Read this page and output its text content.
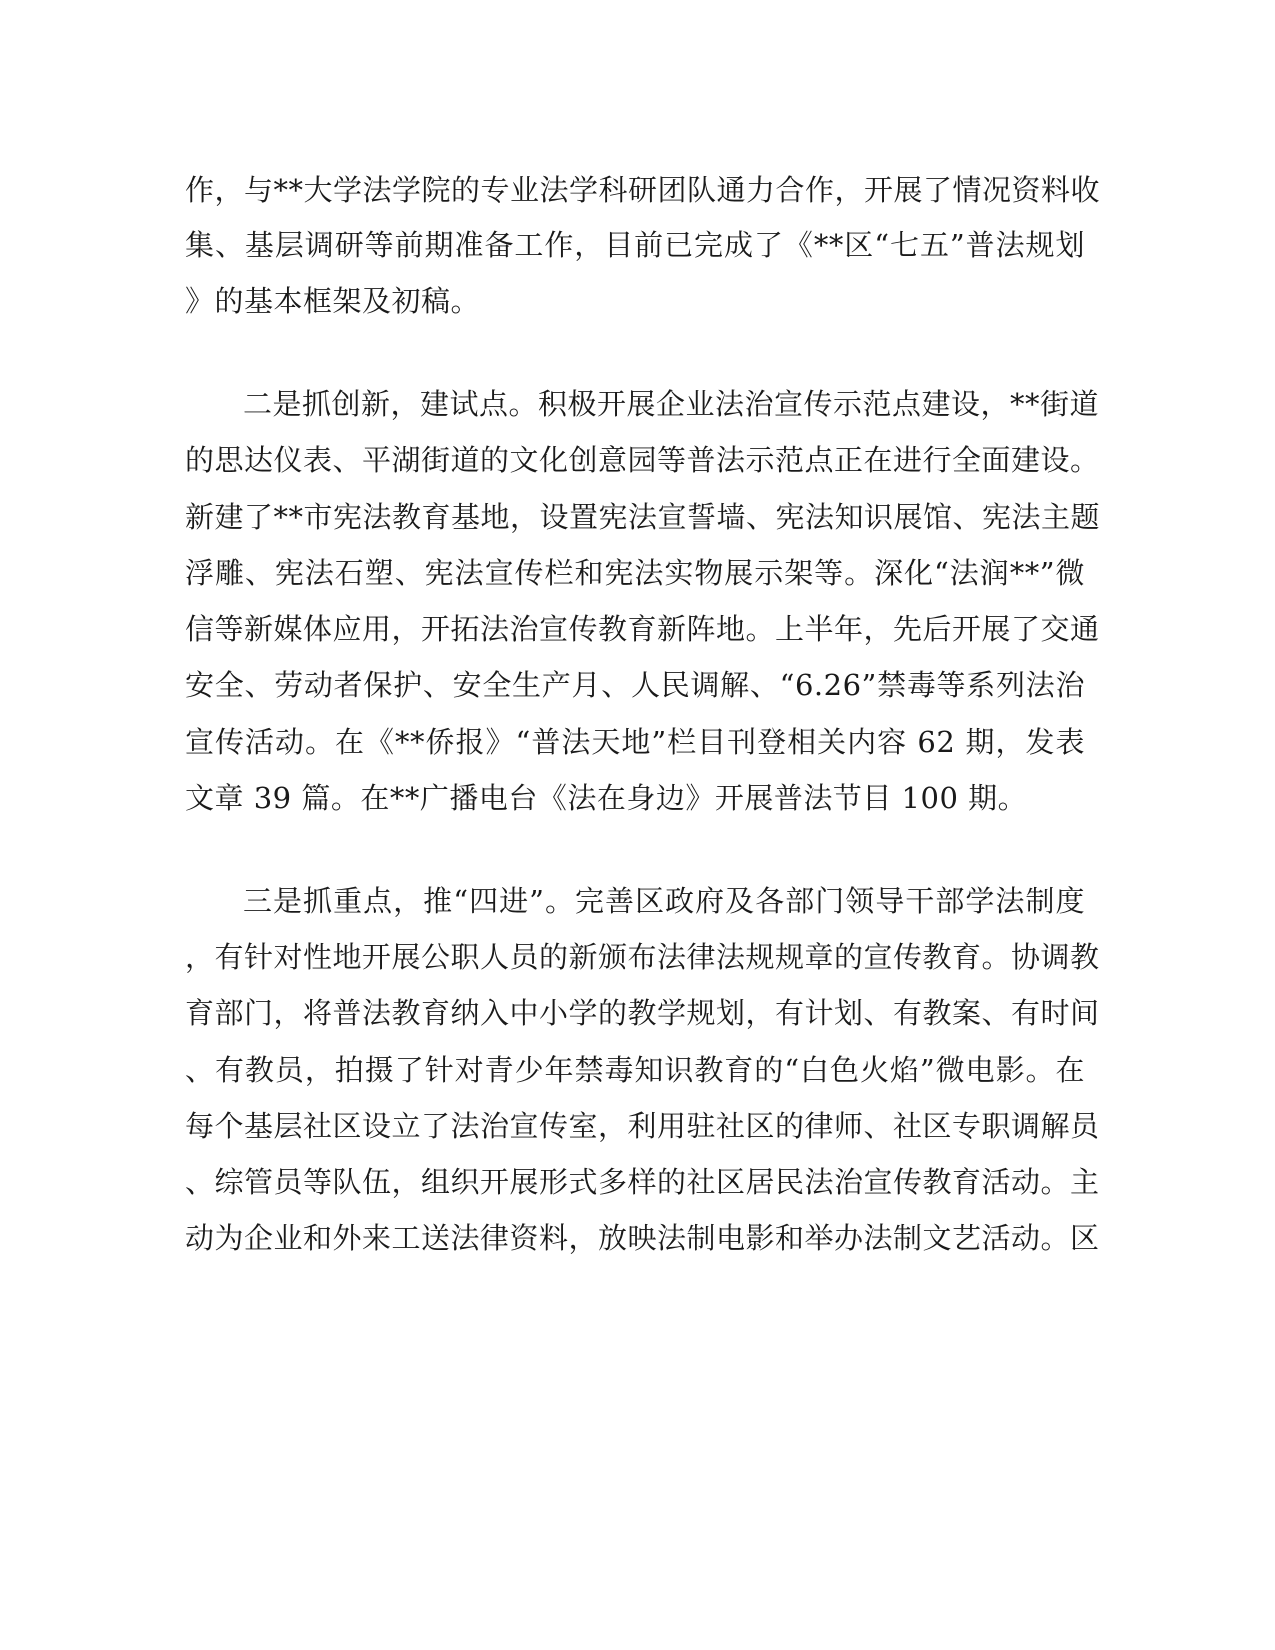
作，与**大学法学院的专业法学科研团队通力合作，开展了情况资料收
集、基层调研等前期准备工作，目前已完成了《**区“七五”普法规划
》的基本框架及初稿。
二是抓创新，建试点。积极开展企业法治宣传示范点建设，**街道
的思达仪表、平湖街道的文化创意园等普法示范点正在进行全面建设。
新建了**市宪法教育基地，设置宪法宣誓墙、宪法知识展馆、宪法主题
浮雕、宪法石塑、宪法宣传栏和宪法实物展示架等。深化“法润**”微
信等新媒体应用，开拓法治宣传教育新阵地。上半年，先后开展了交通
安全、劳动者保护、安全生产月、人民调解、“6.26”禁毒等系列法治
宣传活动。在《**侨报》“普法天地”栏目刊登相关内容 62 期，发表
文章 39 篇。在**广播电台《法在身边》开展普法节目 100 期。
三是抓重点，推“四进”。完善区政府及各部门领导干部学法制度
，有针对性地开展公职人员的新颁布法律法规规章的宣传教育。协调教
育部门，将普法教育纳入中小学的教学规划，有计划、有教案、有时间
、有教员，拍摄了针对青少年禁毒知识教育的“白色火焰”微电影。在
每个基层社区设立了法治宣传室，利用驻社区的律师、社区专职调解员
、综管员等队伍，组织开展形式多样的社区居民法治宣传教育活动。主
动为企业和外来工送法律资料，放映法制电影和举办法制文艺活动。区
